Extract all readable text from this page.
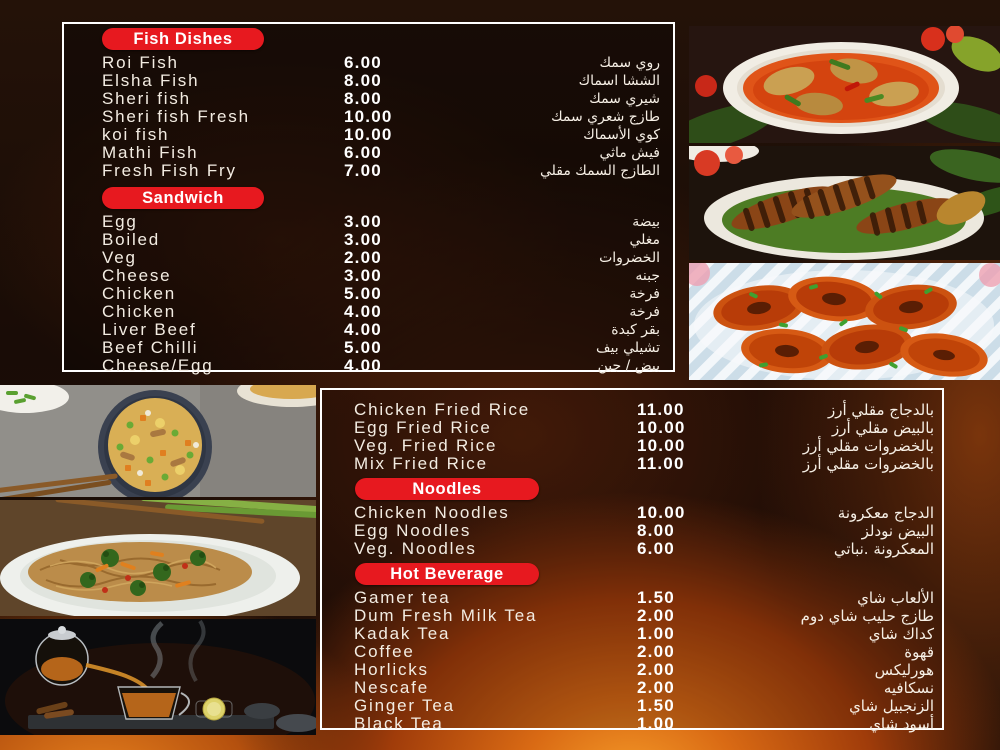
Fish Dishes
Roi Fish	6.00	روي سمك
Elsha Fish	8.00	الششا اسماك
Sheri fish	8.00	شيري سمك
Sheri fish Fresh	10.00	طازج شعري سمك
koi fish	10.00	كوي الأسماك
Mathi Fish	6.00	فيش ماثي
Fresh Fish Fry	7.00	الطازج السمك مقلي
Sandwich
Egg	3.00	بيضة
Boiled	3.00	مغلي
Veg	2.00	الخضروات
Cheese	3.00	جبنه
Chicken	5.00	فرخة
Chicken	4.00	فرخة
Liver Beef	4.00	بقر كبدة
Beef Chilli	5.00	تشيلي بيف
Cheese/Egg	4.00	بيض / جبن
Chicken Fried Rice	11.00	بالدجاج مقلي أرز
Egg Fried Rice	10.00	بالبيض مقلي أرز
Veg. Fried Rice	10.00	بالخضروات مقلي أرز
Mix Fried Rice	11.00	بالخضروات مقلي أرز
Noodles
Chicken Noodles	10.00	الدجاج معكرونة
Egg Noodles	8.00	البيض نودلز
Veg. Noodles	6.00	المعكرونة .نباتي
Hot Beverage
Gamer tea	1.50	الألعاب شاي
Dum Fresh Milk Tea	2.00	طازج حليب شاي دوم
Kadak Tea	1.00	كداك شاي
Coffee	2.00	قهوة
Horlicks	2.00	هورليكس
Nescafe	2.00	نسكافيه
Ginger Tea	1.50	الزنجبيل شاي
Black Tea	1.00	أسود شاي
